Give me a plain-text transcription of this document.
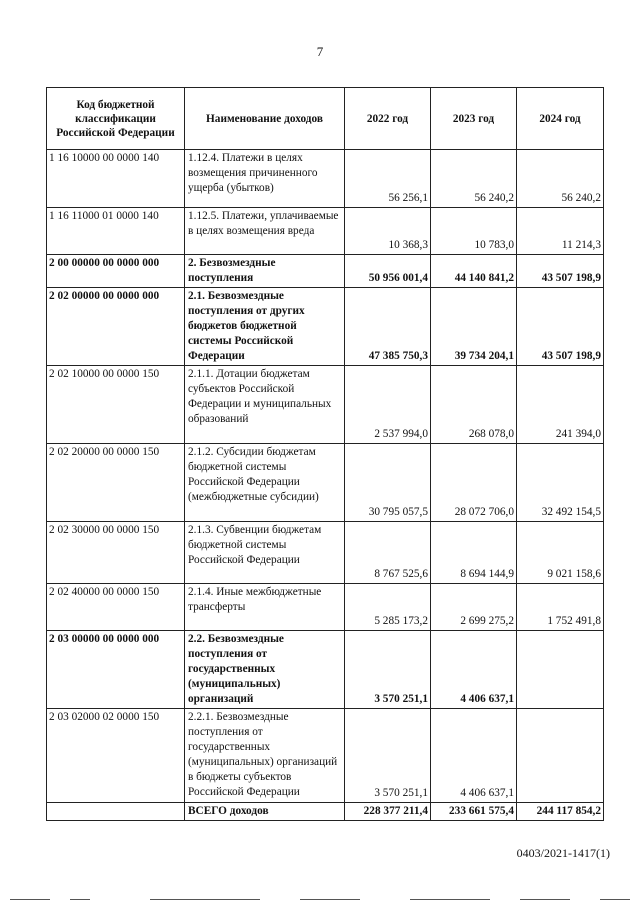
7
Код бюджетной классификации Российской Федерации	Наименование доходов	2022 год	2023 год	2024 год
1 16 10000 00 0000 140	1.12.4. Платежи в целях возмещения причиненного ущерба (убытков)	56 256,1	56 240,2	56 240,2
1 16 11000 01 0000 140	1.12.5. Платежи, уплачиваемые в целях возмещения вреда	10 368,3	10 783,0	11 214,3
2 00 00000 00 0000 000	2. Безвозмездные поступления	50 956 001,4	44 140 841,2	43 507 198,9
2 02 00000 00 0000 000	2.1. Безвозмездные поступления от других бюджетов бюджетной системы Российской Федерации	47 385 750,3	39 734 204,1	43 507 198,9
2 02 10000 00 0000 150	2.1.1. Дотации бюджетам субъектов Российской Федерации и муниципальных образований	2 537 994,0	268 078,0	241 394,0
2 02 20000 00 0000 150	2.1.2. Субсидии бюджетам бюджетной системы Российской Федерации (межбюджетные субсидии)	30 795 057,5	28 072 706,0	32 492 154,5
2 02 30000 00 0000 150	2.1.3. Субвенции бюджетам бюджетной системы Российской Федерации	8 767 525,6	8 694 144,9	9 021 158,6
2 02 40000 00 0000 150	2.1.4. Иные межбюджетные трансферты	5 285 173,2	2 699 275,2	1 752 491,8
2 03 00000 00 0000 000	2.2. Безвозмездные поступления от государственных (муниципальных) организаций	3 570 251,1	4 406 637,1	
2 03 02000 02 0000 150	2.2.1. Безвозмездные поступления от государственных (муниципальных) организаций в бюджеты субъектов Российской Федерации	3 570 251,1	4 406 637,1	
	ВСЕГО доходов	228 377 211,4	233 661 575,4	244 117 854,2
0403/2021-1417(1)
